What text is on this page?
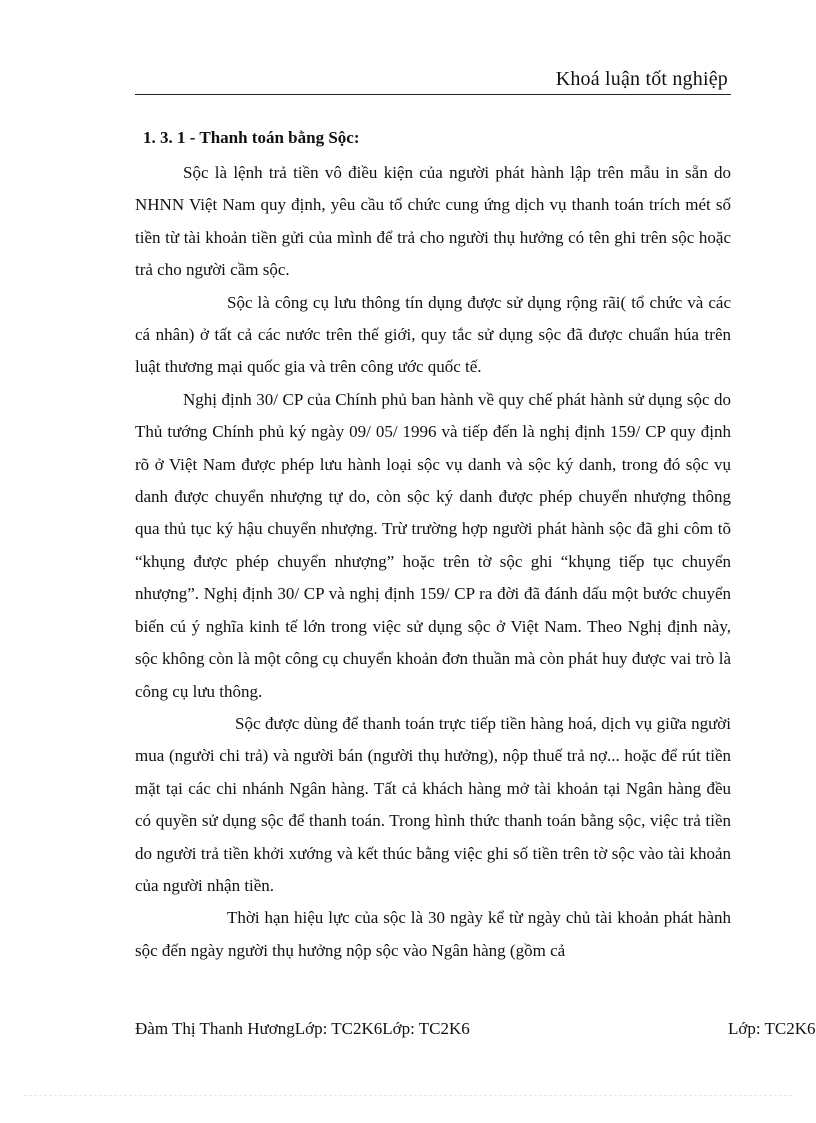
Khoá luận tốt nghiệp
1. 3. 1 - Thanh toán bằng Sộc:

Sộc là lệnh trả tiền vô điều kiện của người phát hành lập trên mẫu in sẵn do NHNN Việt Nam quy định, yêu cầu tổ chức cung ứng dịch vụ thanh toán trích mét số tiền từ tài khoản tiền gửi của mình để trả cho người thụ hưởng có tên ghi trên sộc hoặc trả cho người cầm sộc.

Sộc là công cụ lưu thông tín dụng được sử dụng rộng rãi( tổ chức và các cá nhân) ở tất cả các nước trên thế giới, quy tắc sử dụng sộc đã được chuẩn húa trên luật thương mại quốc gia và trên công ước quốc tế.

Nghị định 30/ CP của Chính phủ ban hành về quy chế phát hành sử dụng sộc do Thủ tướng Chính phủ ký ngày 09/ 05/ 1996 và tiếp đến là nghị định 159/ CP quy định rõ ở Việt Nam được phép lưu hành loại sộc vụ danh và sộc ký danh, trong đó sộc vụ danh được chuyển nhượng tự do, còn sộc ký danh được phép chuyển nhượng thông qua thủ tục ký hậu chuyển nhượng. Trừ trường hợp người phát hành sộc đã ghi côm tõ “khụng được phép chuyển nhượng” hoặc trên tờ sộc ghi “khụng tiếp tục chuyển nhượng”. Nghị định 30/ CP và nghị định 159/ CP ra đời đã đánh dấu một bước chuyển biến cú ý nghĩa kinh tế lớn trong việc sử dụng sộc ở Việt Nam. Theo Nghị định này, sộc không còn là một công cụ chuyển khoản đơn thuần mà còn phát huy được vai trò là công cụ lưu thông.

Sộc được dùng để thanh toán trực tiếp tiền hàng hoá, dịch vụ giữa người mua (người chi trả) và người bán (người thụ hưởng), nộp thuế trả nợ... hoặc để rút tiền mặt tại các chi nhánh Ngân hàng. Tất cả khách hàng mở tài khoản tại Ngân hàng đều có quyền sử dụng sộc để thanh toán. Trong hình thức thanh toán bằng sộc, việc trả tiền do người trả tiền khởi xướng và kết thúc bằng việc ghi số tiền trên tờ sộc vào tài khoản của người nhận tiền.

Thời hạn hiệu lực của sộc là 30 ngày kể từ ngày chủ tài khoản phát hành sộc đến ngày người thụ hưởng nộp sộc vào Ngân hàng (gồm cả

Đàm Thị Thanh HươngLớp: TC2K6Lớp: TC2K6	Lớp: TC2K6
